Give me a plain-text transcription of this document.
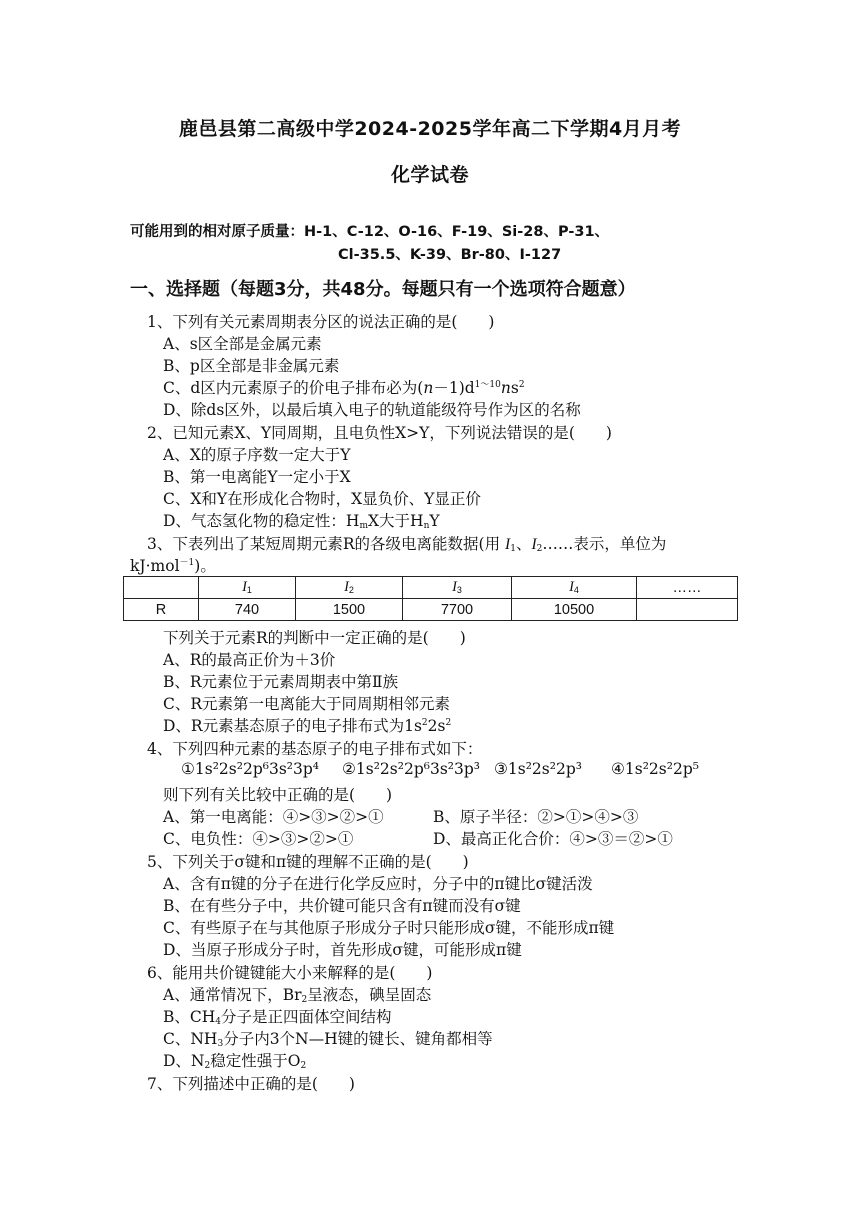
鹿邑县第二高级中学2024-2025学年高二下学期4月月考
化学试卷
可能用到的相对原子质量：H-1、C-12、O-16、F-19、Si-28、P-31、
Cl-35.5、K-39、Br-80、I-127
一、选择题（每题3分，共48分。每题只有一个选项符合题意）
1、下列有关元素周期表分区的说法正确的是(　　)
A、s区全部是金属元素
B、p区全部是非金属元素
C、d区内元素原子的价电子排布必为$(n-1)d^{1\sim 10}ns^2$
D、除ds区外，以最后填入电子的轨道能级符号作为区的名称
2、已知元素X、Y同周期，且电负性X>Y，下列说法错误的是(　　)
A、X的原子序数一定大于Y
B、第一电离能Y一定小于X
C、X和Y在形成化合物时，X显负价、Y显正价
D、气态氢化物的稳定性：$H_mX$大于$H_nY$
3、下表列出了某短周期元素R的各级电离能数据(用 $I_1$、$I_2\dots\dots$表示，单位为
kJ·mol$^{-1}$)。
	$I_1$	$I_2$	$I_3$	$I_4$	……
R	740	1500	7700	10500	
下列关于元素R的判断中一定正确的是(　　)
A、R的最高正价为＋3价
B、R元素位于元素周期表中第Ⅱ族
C、R元素第一电离能大于同周期相邻元素
D、R元素基态原子的电子排布式为$1s^22s^2$
4、下列四种元素的基态原子的电子排布式如下：
①1s²2s²2p⁶3s²3p⁴ ②1s²2s²2p⁶3s²3p³ ③1s²2s²2p³ ④1s²2s²2p⁵
则下列有关比较中正确的是(　　)
A、第一电离能：④>③>②>①	B、原子半径：②>①>④>③
C、电负性：④>③>②>①	D、最高正化合价：④>③＝②>①
5、下列关于σ键和π键的理解不正确的是(　　)
A、含有π键的分子在进行化学反应时，分子中的π键比σ键活泼
B、在有些分子中，共价键可能只含有π键而没有σ键
C、有些原子在与其他原子形成分子时只能形成σ键，不能形成π键
D、当原子形成分子时，首先形成σ键，可能形成π键
6、能用共价键键能大小来解释的是(　　)
A、通常情况下，$Br_2$呈液态，碘呈固态
B、$CH_4$分子是正四面体空间结构
C、$NH_3$分子内3个N—H键的键长、键角都相等
D、$N_2$稳定性强于$O_2$
7、下列描述中正确的是(　　)
